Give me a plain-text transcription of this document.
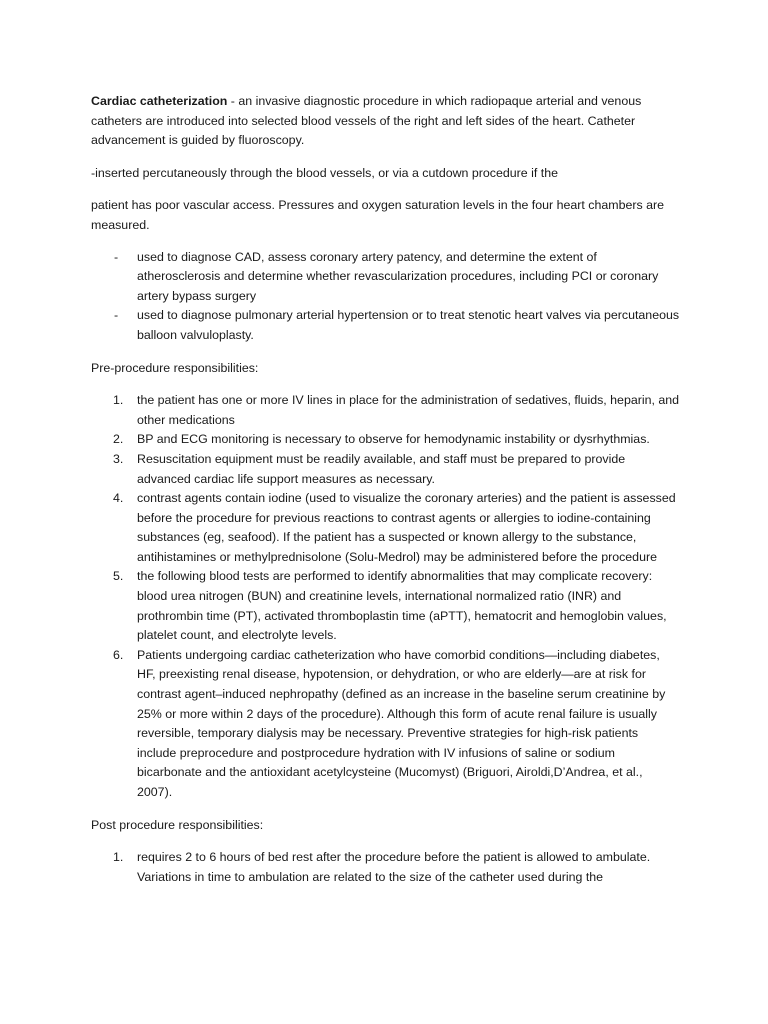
Cardiac catheterization - an invasive diagnostic procedure in which radiopaque arterial and venous catheters are introduced into selected blood vessels of the right and left sides of the heart. Catheter advancement is guided by fluoroscopy.

-inserted percutaneously through the blood vessels, or via a cutdown procedure if the

patient has poor vascular access. Pressures and oxygen saturation levels in the four heart chambers are measured.

- used to diagnose CAD, assess coronary artery patency, and determine the extent of atherosclerosis and determine whether revascularization procedures, including PCI or coronary artery bypass surgery
- used to diagnose pulmonary arterial hypertension or to treat stenotic heart valves via percutaneous balloon valvuloplasty.

Pre-procedure responsibilities:

1. the patient has one or more IV lines in place for the administration of sedatives, fluids, heparin, and other medications
2. BP and ECG monitoring is necessary to observe for hemodynamic instability or dysrhythmias.
3. Resuscitation equipment must be readily available, and staff must be prepared to provide advanced cardiac life support measures as necessary.
4. contrast agents contain iodine (used to visualize the coronary arteries) and the patient is assessed before the procedure for previous reactions to contrast agents or allergies to iodine-containing substances (eg, seafood). If the patient has a suspected or known allergy to the substance, antihistamines or methylprednisolone (Solu-Medrol) may be administered before the procedure
5. the following blood tests are performed to identify abnormalities that may complicate recovery: blood urea nitrogen (BUN) and creatinine levels, international normalized ratio (INR) and prothrombin time (PT), activated thromboplastin time (aPTT), hematocrit and hemoglobin values, platelet count, and electrolyte levels.
6. Patients undergoing cardiac catheterization who have comorbid conditions—including diabetes, HF, preexisting renal disease, hypotension, or dehydration, or who are elderly—are at risk for contrast agent–induced nephropathy (defined as an increase in the baseline serum creatinine by 25% or more within 2 days of the procedure). Although this form of acute renal failure is usually reversible, temporary dialysis may be necessary. Preventive strategies for high-risk patients include preprocedure and postprocedure hydration with IV infusions of saline or sodium bicarbonate and the antioxidant acetylcysteine (Mucomyst) (Briguori, Airoldi,D’Andrea, et al., 2007).

Post procedure responsibilities:

1. requires 2 to 6 hours of bed rest after the procedure before the patient is allowed to ambulate. Variations in time to ambulation are related to the size of the catheter used during the
